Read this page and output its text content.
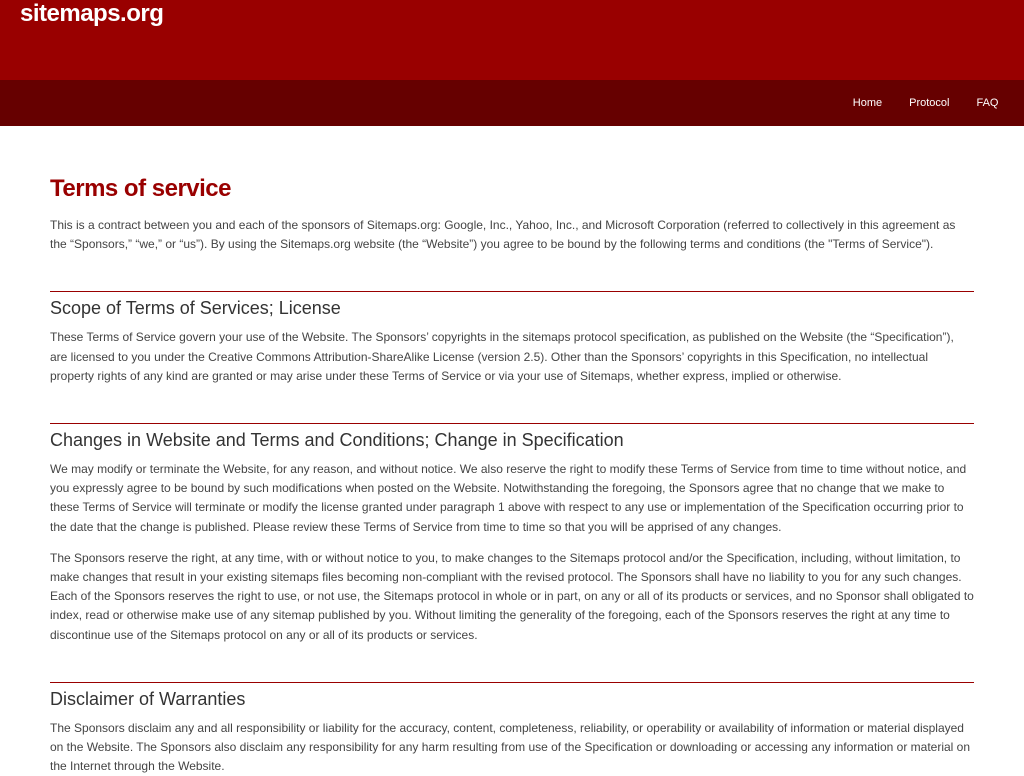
sitemaps.org
Home	Protocol	FAQ
Terms of service

This is a contract between you and each of the sponsors of Sitemaps.org: Google, Inc., Yahoo, Inc., and Microsoft Corporation (referred to collectively in this agreement as the “Sponsors,” “we,” or “us”). By using the Sitemaps.org website (the “Website”) you agree to be bound by the following terms and conditions (the "Terms of Service").

Scope of Terms of Services; License

These Terms of Service govern your use of the Website. The Sponsors’ copyrights in the sitemaps protocol specification, as published on the Website (the “Specification”), are licensed to you under the Creative Commons Attribution-ShareAlike License (version 2.5). Other than the Sponsors’ copyrights in this Specification, no intellectual property rights of any kind are granted or may arise under these Terms of Service or via your use of Sitemaps, whether express, implied or otherwise.

Changes in Website and Terms and Conditions; Change in Specification

We may modify or terminate the Website, for any reason, and without notice. We also reserve the right to modify these Terms of Service from time to time without notice, and you expressly agree to be bound by such modifications when posted on the Website. Notwithstanding the foregoing, the Sponsors agree that no change that we make to these Terms of Service will terminate or modify the license granted under paragraph 1 above with respect to any use or implementation of the Specification occurring prior to the date that the change is published. Please review these Terms of Service from time to time so that you will be apprised of any changes.

The Sponsors reserve the right, at any time, with or without notice to you, to make changes to the Sitemaps protocol and/or the Specification, including, without limitation, to make changes that result in your existing sitemaps files becoming non-compliant with the revised protocol. The Sponsors shall have no liability to you for any such changes. Each of the Sponsors reserves the right to use, or not use, the Sitemaps protocol in whole or in part, on any or all of its products or services, and no Sponsor shall obligated to index, read or otherwise make use of any sitemap published by you. Without limiting the generality of the foregoing, each of the Sponsors reserves the right at any time to discontinue use of the Sitemaps protocol on any or all of its products or services.

Disclaimer of Warranties

The Sponsors disclaim any and all responsibility or liability for the accuracy, content, completeness, reliability, or operability or availability of information or material displayed on the Website. The Sponsors also disclaim any responsibility for any harm resulting from use of the Specification or downloading or accessing any information or material on the Internet through the Website.
